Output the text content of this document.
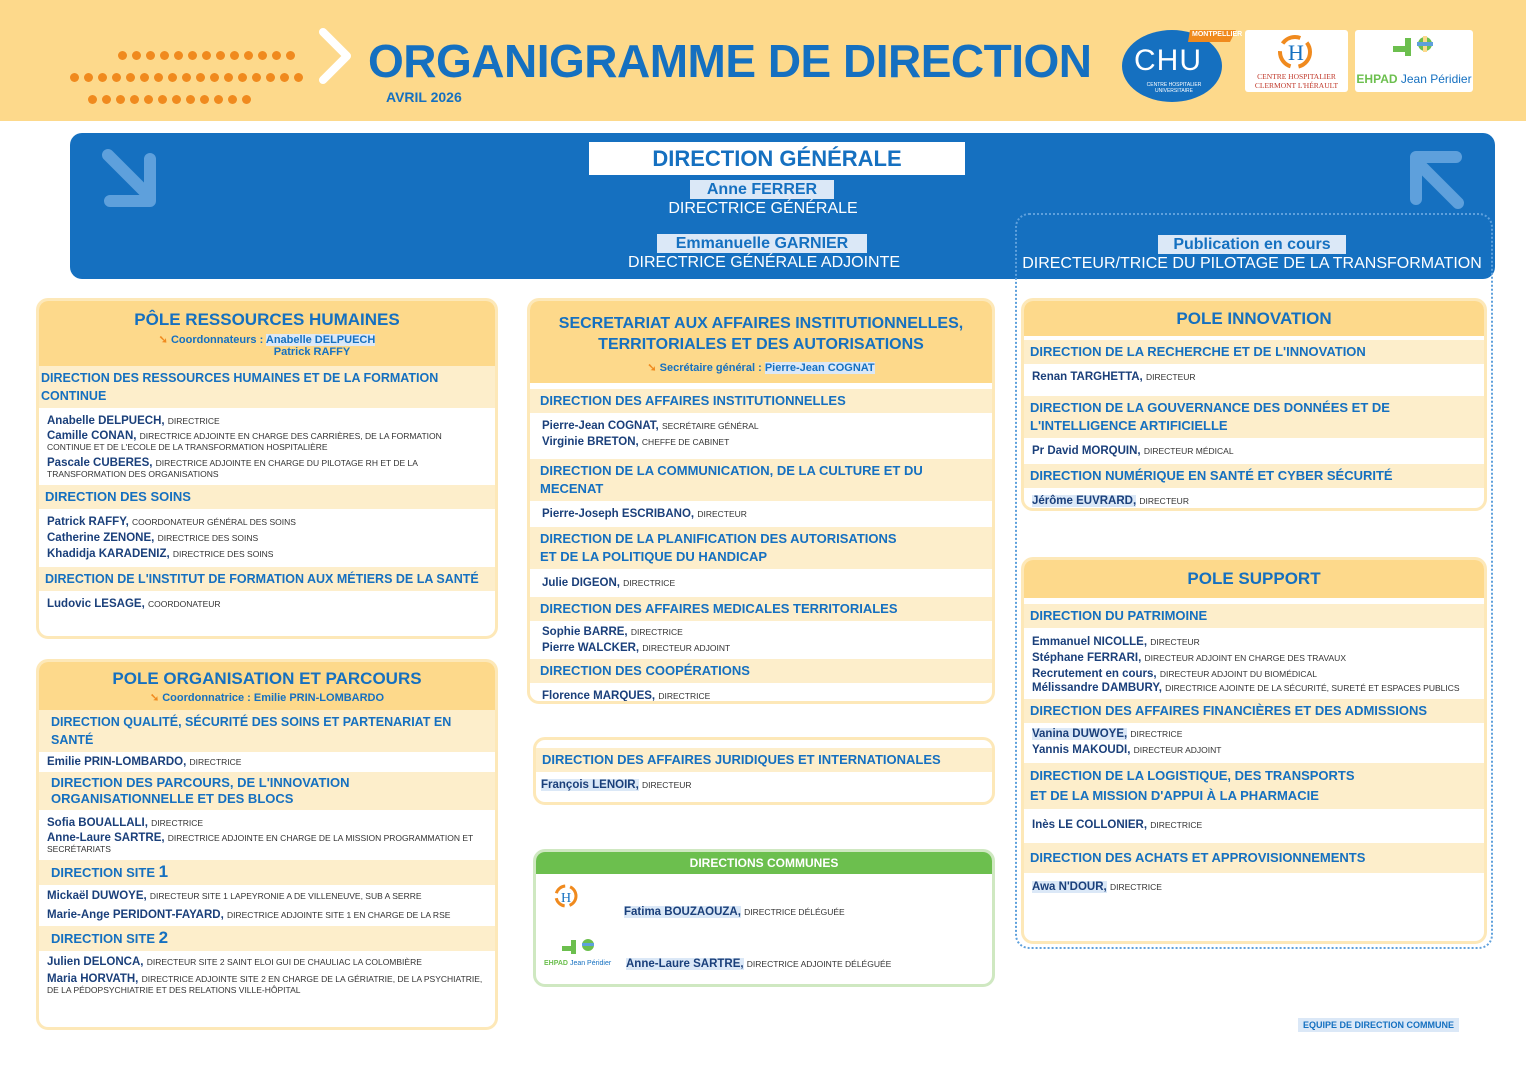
ORGANIGRAMME DE DIRECTION
AVRIL 2026
MONTPELLIER
CHU
CENTRE HOSPITALIER UNIVERSITAIRE
H
CENTRE HOSPITALIER
CLERMONT L'HÉRAULT	EHPAD Jean Péridier
DIRECTION GÉNÉRALE
Anne FERRER
DIRECTRICE GÉNÉRALE
Emmanuelle GARNIER
DIRECTRICE GÉNÉRALE ADJOINTE
Publication en cours
DIRECTEUR/TRICE DU PILOTAGE DE LA TRANSFORMATION
PÔLE RESSOURCES HUMAINES
➘ Coordonnateurs : Anabelle DELPUECH
Patrick RAFFY
DIRECTION DES RESSOURCES HUMAINES ET DE LA FORMATION CONTINUE
Anabelle DELPUECH, DIRECTRICE
Camille CONAN, DIRECTRICE ADJOINTE EN CHARGE DES CARRIÈRES, DE LA FORMATION CONTINUE ET DE L'ECOLE DE LA TRANSFORMATION HOSPITALIÈRE
Pascale CUBERES, DIRECTRICE ADJOINTE EN CHARGE DU PILOTAGE RH ET DE LA TRANSFORMATION DES ORGANISATIONS
DIRECTION DES SOINS
Patrick RAFFY, COORDONATEUR GÉNÉRAL DES SOINS
Catherine ZENONE, DIRECTRICE DES SOINS
Khadidja KARADENIZ, DIRECTRICE DES SOINS
DIRECTION DE L'INSTITUT DE FORMATION AUX MÉTIERS DE LA SANTÉ
Ludovic LESAGE, COORDONATEUR
POLE ORGANISATION ET PARCOURS
➘ Coordonnatrice : Emilie PRIN-LOMBARDO
DIRECTION QUALITÉ, SÉCURITÉ DES SOINS ET PARTENARIAT EN SANTÉ
Emilie PRIN-LOMBARDO, DIRECTRICE
DIRECTION DES PARCOURS, DE L'INNOVATION ORGANISATIONNELLE ET DES BLOCS
Sofia BOUALLALI, DIRECTRICE
Anne-Laure SARTRE, DIRECTRICE ADJOINTE EN CHARGE DE LA MISSION PROGRAMMATION ET SECRÉTARIATS
DIRECTION SITE 1
Mickaël DUWOYE, DIRECTEUR SITE 1 LAPEYRONIE A DE VILLENEUVE, SUB A SERRE
Marie-Ange PERIDONT-FAYARD, DIRECTRICE ADJOINTE SITE 1 EN CHARGE DE LA RSE
DIRECTION SITE 2
Julien DELONCA, DIRECTEUR SITE 2 SAINT ELOI GUI DE CHAULIAC LA COLOMBIÈRE
Maria HORVATH, DIRECTRICE ADJOINTE SITE 2 EN CHARGE DE LA GÉRIATRIE, DE LA PSYCHIATRIE, DE LA PÉDOPSYCHIATRIE ET DES RELATIONS VILLE-HÔPITAL
SECRETARIAT AUX AFFAIRES INSTITUTIONNELLES,
TERRITORIALES ET DES AUTORISATIONS
➘ Secrétaire général : Pierre-Jean COGNAT
DIRECTION DES AFFAIRES INSTITUTIONNELLES
Pierre-Jean COGNAT, SECRÉTAIRE GÉNÉRAL
Virginie BRETON, CHEFFE DE CABINET
DIRECTION DE LA COMMUNICATION, DE LA CULTURE ET DU MECENAT
Pierre-Joseph ESCRIBANO, DIRECTEUR
DIRECTION DE LA PLANIFICATION DES AUTORISATIONS
ET DE LA POLITIQUE DU HANDICAP
Julie DIGEON, DIRECTRICE
DIRECTION DES AFFAIRES MEDICALES TERRITORIALES
Sophie BARRE, DIRECTRICE
Pierre WALCKER, DIRECTEUR ADJOINT
DIRECTION DES COOPÉRATIONS
Florence MARQUES, DIRECTRICE
DIRECTION DES AFFAIRES JURIDIQUES ET INTERNATIONALES
François LENOIR, DIRECTEUR
DIRECTIONS COMMUNES
H
Fatima BOUZAOUZA, DIRECTRICE DÉLÉGUÉE
EHPAD Jean Péridier	Anne-Laure SARTRE, DIRECTRICE ADJOINTE DÉLÉGUÉE
POLE INNOVATION
DIRECTION DE LA RECHERCHE ET DE L'INNOVATION
Renan TARGHETTA, DIRECTEUR
DIRECTION DE LA GOUVERNANCE DES DONNÉES ET DE L'INTELLIGENCE ARTIFICIELLE
Pr David MORQUIN, DIRECTEUR MÉDICAL
DIRECTION NUMÉRIQUE EN SANTÉ ET CYBER SÉCURITÉ
Jérôme EUVRARD, DIRECTEUR
POLE SUPPORT
DIRECTION DU PATRIMOINE
Emmanuel NICOLLE, DIRECTEUR
Stéphane FERRARI, DIRECTEUR ADJOINT EN CHARGE DES TRAVAUX
Recrutement en cours, DIRECTEUR ADJOINT DU BIOMÉDICAL
Mélissandre DAMBURY, DIRECTRICE AJOINTE DE LA SÉCURITÉ, SURETÉ ET ESPACES PUBLICS
DIRECTION DES AFFAIRES FINANCIÈRES ET DES ADMISSIONS
Vanina DUWOYE, DIRECTRICE
Yannis MAKOUDI, DIRECTEUR ADJOINT
DIRECTION DE LA LOGISTIQUE, DES TRANSPORTS
ET DE LA MISSION D'APPUI À LA PHARMACIE
Inès LE COLLONIER, DIRECTRICE
DIRECTION DES ACHATS ET APPROVISIONNEMENTS
Awa N'DOUR, DIRECTRICE
EQUIPE DE DIRECTION COMMUNE
